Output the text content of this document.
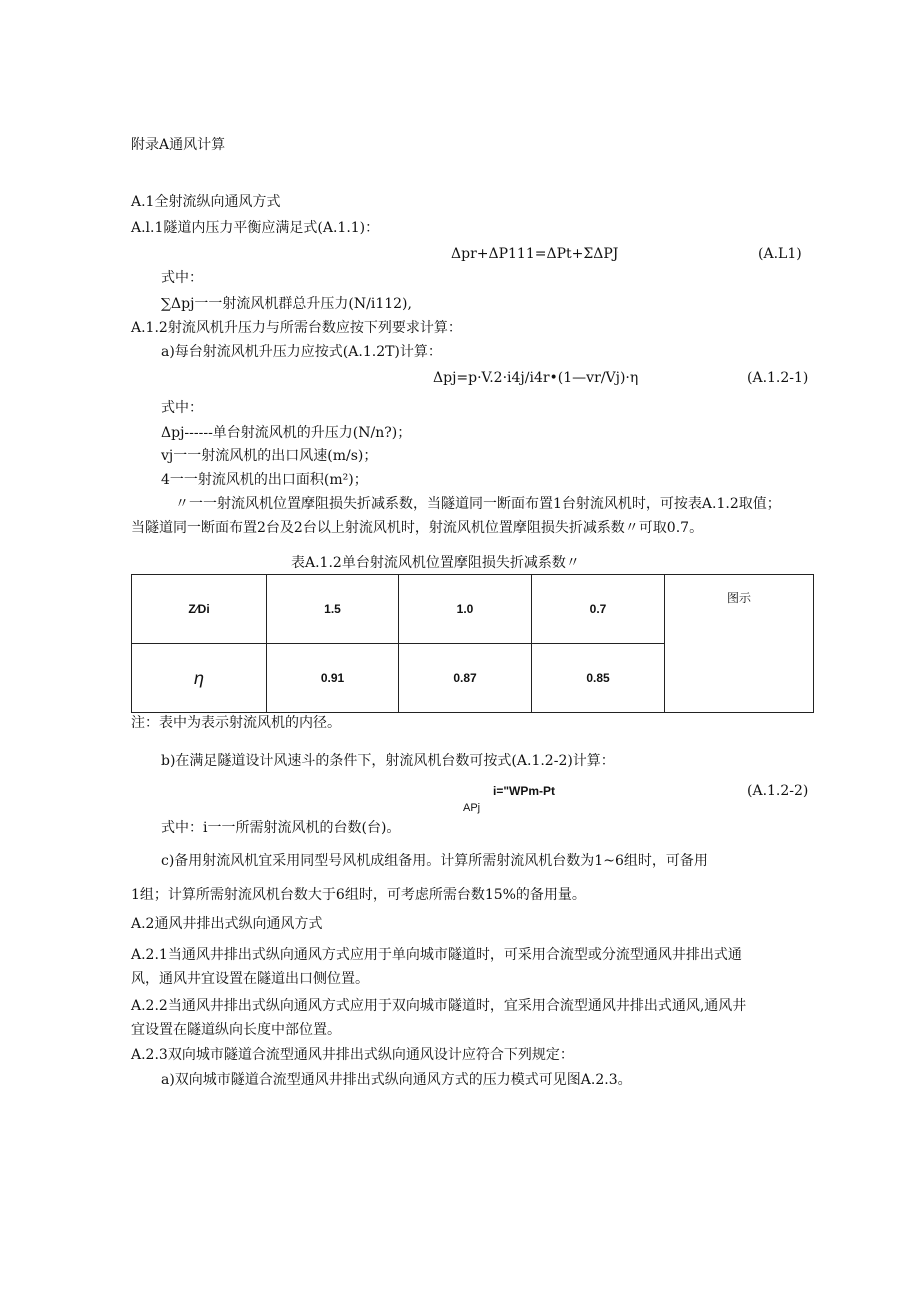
附录A通风计算
A.1全射流纵向通风方式
A.l.1隧道内压力平衡应满足式(A.1.1)：
Δpr+ΔP111=ΔPt+ΣΔPJ	(A.L1)
式中：
∑Δpj一一射流风机群总升压力(N∕i112),
A.1.2射流风机升压力与所需台数应按下列要求计算：
a)每台射流风机升压力应按式(A.1.2T)计算：
Δpj=p·V.2·i4j∕i4r•(1—vr∕Vj)·η	(A.1.2-1)
式中：
Δpj------单台射流风机的升压力(N/n?)；
vj一一射流风机的出口风速(m/s)；
4一一射流风机的出口面积(m²)；
〃一一射流风机位置摩阻损失折减系数，当隧道同一断面布置1台射流风机时，可按表A.1.2取值；
当隧道同一断面布置2台及2台以上射流风机时，射流风机位置摩阻损失折减系数〃可取0.7。
表A.1.2单台射流风机位置摩阻损失折减系数〃
Z∕Di	1.5	1.0	0.7	图示
η	0.91	0.87	0.85	
注：表中为表示射流风机的内径。
b)在满足隧道设计风速斗的条件下，射流风机台数可按式(A.1.2-2)计算：
i="WPm-Pt
APj
(A.1.2-2)
式中：i一一所需射流风机的台数(台)。
c)备用射流风机宜采用同型号风机成组备用。计算所需射流风机台数为1~6组时，可备用
1组；计算所需射流风机台数大于6组时，可考虑所需台数15%的备用量。
A.2通风井排出式纵向通风方式
A.2.1当通风井排出式纵向通风方式应用于单向城市隧道时，可采用合流型或分流型通风井排出式通
风，通风井宜设置在隧道出口侧位置。
A.2.2当通风井排出式纵向通风方式应用于双向城市隧道时，宜采用合流型通风井排出式通风,通风井
宜设置在隧道纵向长度中部位置。
A.2.3双向城市隧道合流型通风井排出式纵向通风设计应符合下列规定：
a)双向城市隧道合流型通风井排出式纵向通风方式的压力模式可见图A.2.3。
